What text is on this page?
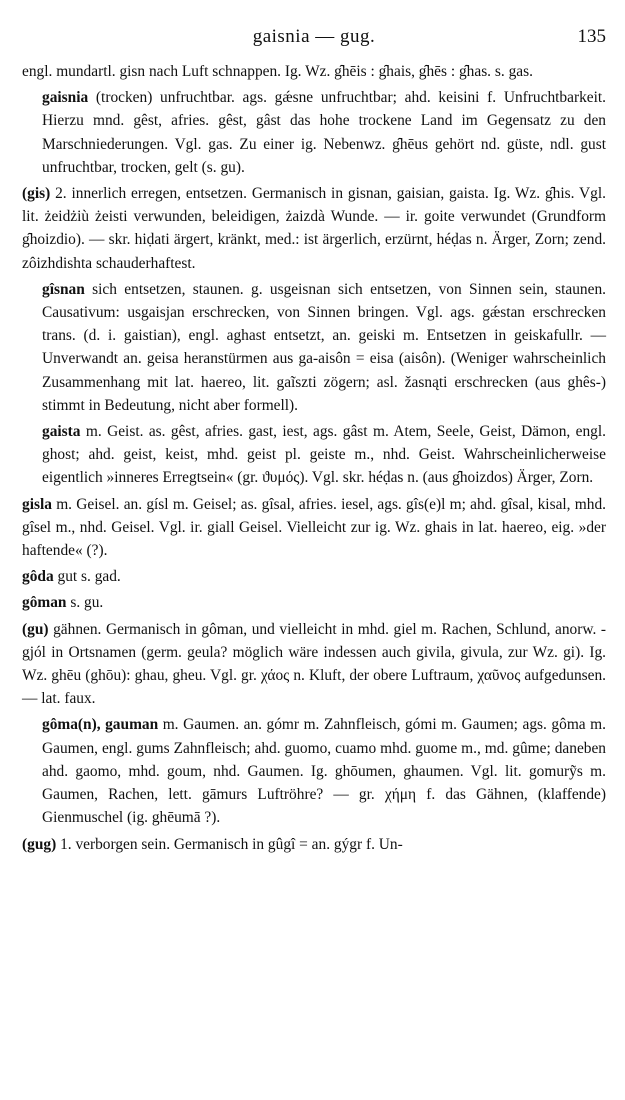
gaisnia — gug.	135

engl. mundartl. gisn nach Luft schnappen. Ig. Wz. g̑hēis : g̑hais, g̑hēs : g̑has. s. gas.

gaisnia (trocken) unfruchtbar. ags. gǽsne unfruchtbar; ahd. keisini f. Unfruchtbarkeit. Hierzu mnd. gêst, afries. gêst, gâst das hohe trockene Land im Gegensatz zu den Marschniederungen. Vgl. gas. Zu einer ig. Nebenwz. g̑hēus gehört nd. güste, ndl. gust unfruchtbar, trocken, gelt (s. gu).

(gis) 2. innerlich erregen, entsetzen. Germanisch in gisnan, gaisian, gaista. Ig. Wz. g̑his. Vgl. lit. żeidżiù żeisti verwunden, beleidigen, żaizdà Wunde. — ir. goite verwundet (Grundform g̑hoizdio). — skr. hiḍati ärgert, kränkt, med.: ist ärgerlich, erzürnt, héḍas n. Ärger, Zorn; zend. zôizhdishta schauderhaftest.

gîsnan sich entsetzen, staunen. g. usgeisnan sich entsetzen, von Sinnen sein, staunen. Causativum: usgaisjan erschrecken, von Sinnen bringen. Vgl. ags. gǽstan erschrecken trans. (d. i. gaistian), engl. aghast entsetzt, an. geiski m. Entsetzen in geiskafullr. — Unverwandt an. geisa heranstürmen aus ga-aisôn = eisa (aisôn). (Weniger wahrscheinlich Zusammenhang mit lat. haereo, lit. gaĩszti zögern; asl. žasnąti erschrecken (aus ghês-) stimmt in Bedeutung, nicht aber formell).

gaista m. Geist. as. gêst, afries. gast, iest, ags. gâst m. Atem, Seele, Geist, Dämon, engl. ghost; ahd. geist, keist, mhd. geist pl. geiste m., nhd. Geist. Wahrscheinlicherweise eigentlich »inneres Erregtsein« (gr. ϑυμός). Vgl. skr. héḍas n. (aus g̑hoizdos) Ärger, Zorn.

gisla m. Geisel. an. gísl m. Geisel; as. gîsal, afries. iesel, ags. gîs(e)l m; ahd. gîsal, kisal, mhd. gîsel m., nhd. Geisel. Vgl. ir. giall Geisel. Vielleicht zur ig. Wz. ghais in lat. haereo, eig. »der haftende« (?).

gôda gut s. gad.

gôman s. gu.

(gu) gähnen. Germanisch in gôman, und vielleicht in mhd. giel m. Rachen, Schlund, anorw. -gjól in Ortsnamen (germ. geula? möglich wäre indessen auch givila, givula, zur Wz. gi). Ig. Wz. ghēu (ghōu): ghau, gheu. Vgl. gr. χάος n. Kluft, der obere Luftraum, χαῦνος aufgedunsen. — lat. faux.

gôma(n), gauman m. Gaumen. an. gómr m. Zahnfleisch, gómi m. Gaumen; ags. gôma m. Gaumen, engl. gums Zahnfleisch; ahd. guomo, cuamo mhd. guome m., md. gûme; daneben ahd. gaomo, mhd. goum, nhd. Gaumen. Ig. ghōumen, ghaumen. Vgl. lit. gomurỹs m. Gaumen, Rachen, lett. gāmurs Luftröhre? — gr. χήμη f. das Gähnen, (klaffende) Gienmuschel (ig. ghēumā ?).

(gug) 1. verborgen sein. Germanisch in gûgî = an. gýgr f. Un-
